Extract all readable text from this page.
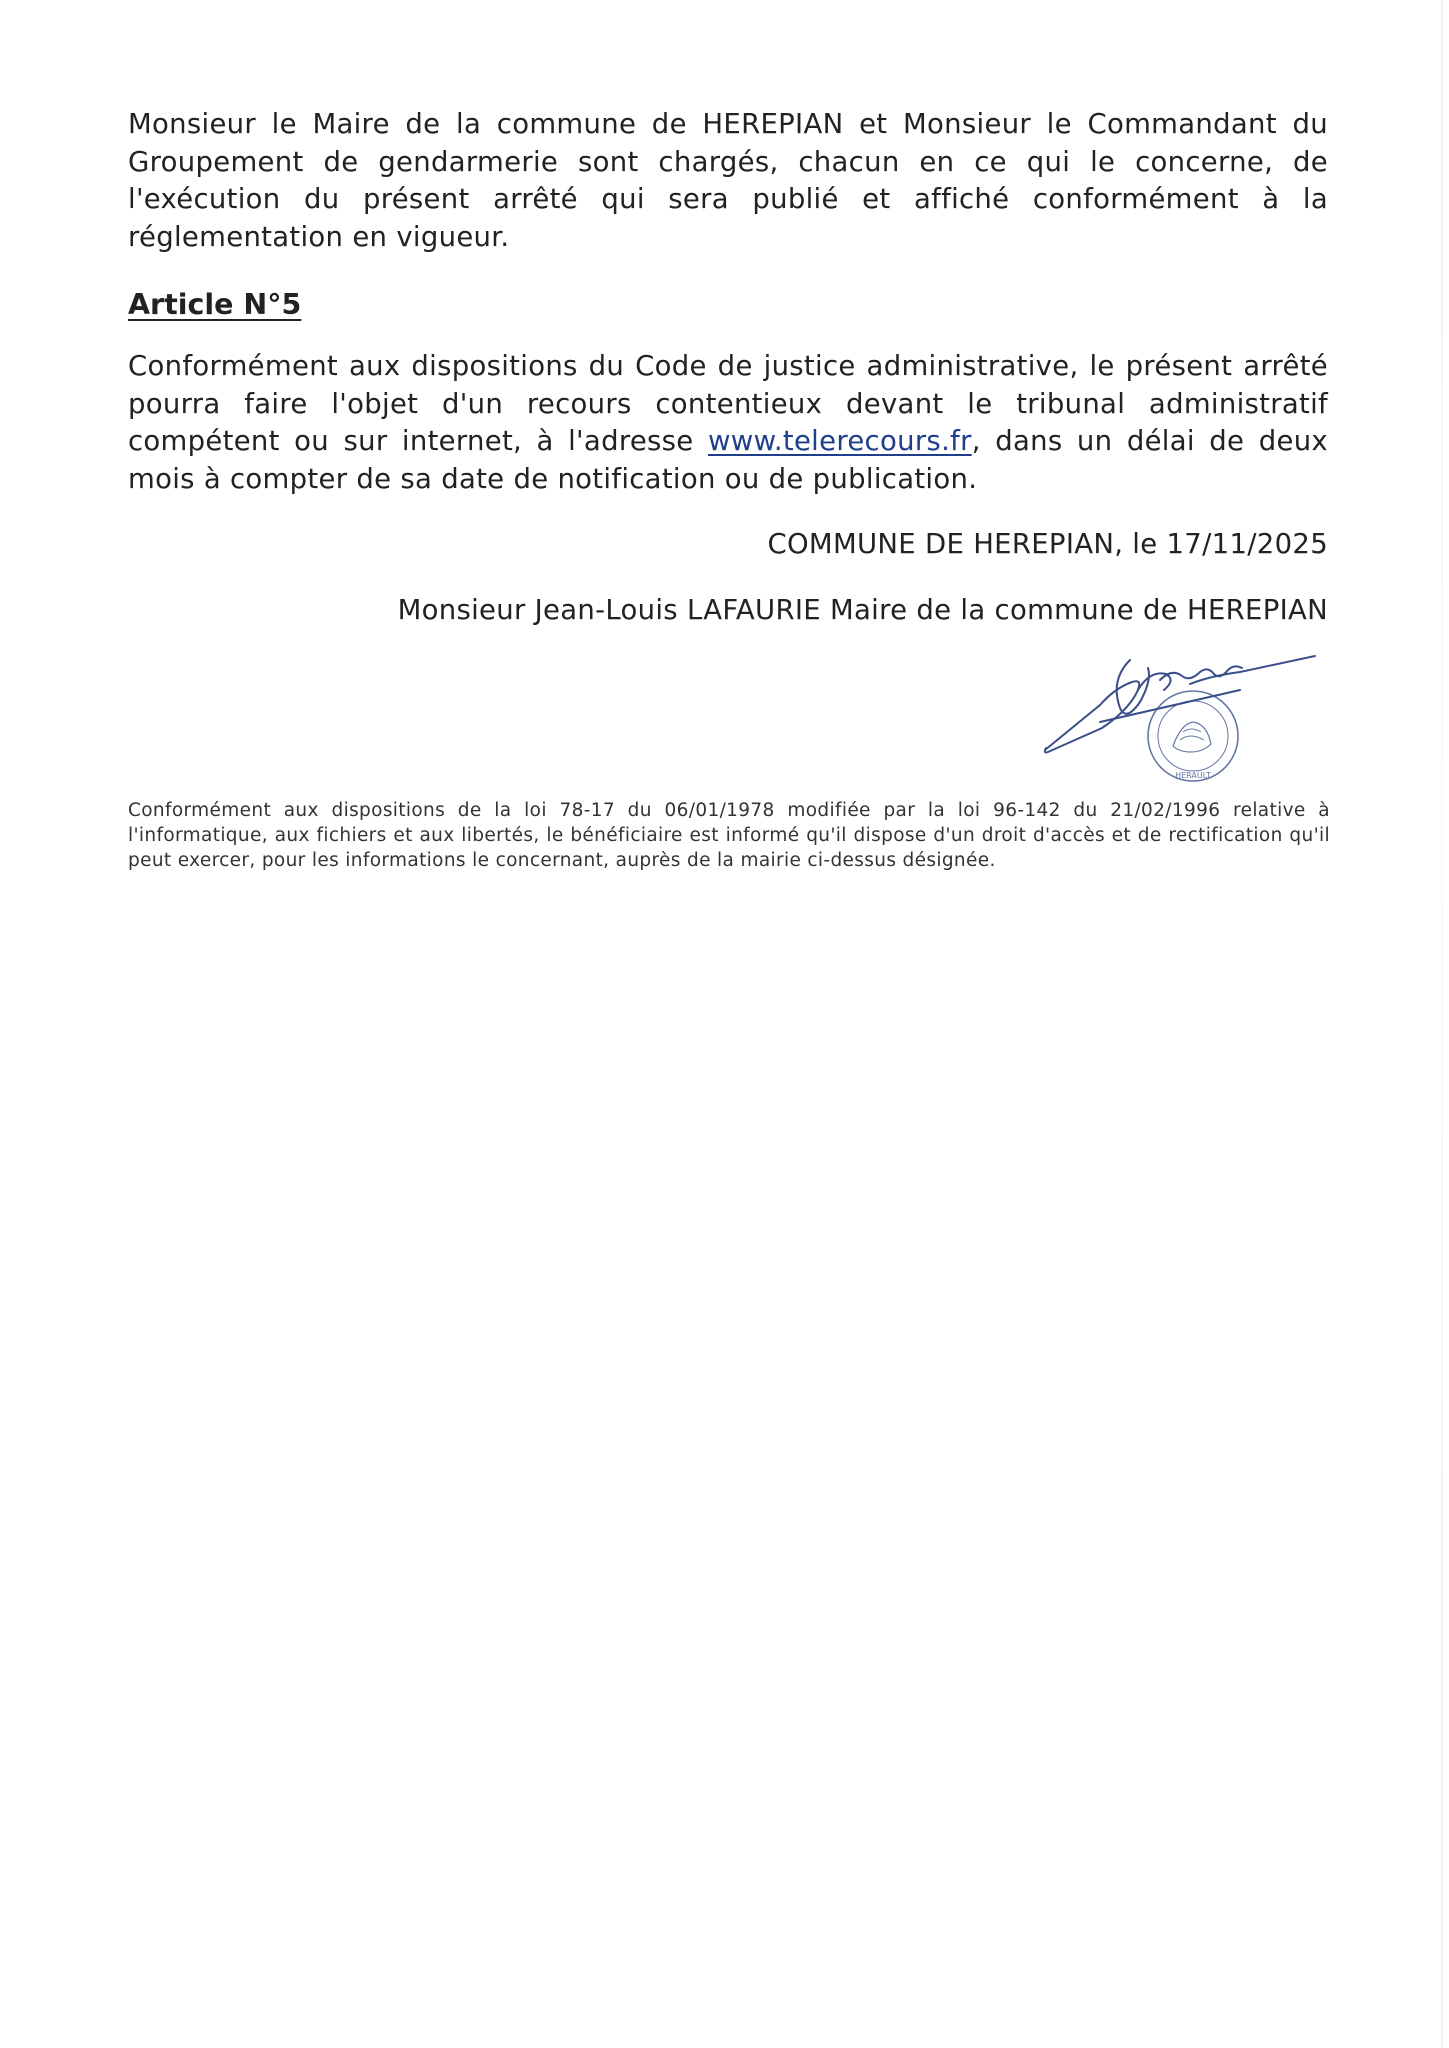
Monsieur le Maire de la commune de HEREPIAN et Monsieur le Commandant du Groupement de gendarmerie sont chargés, chacun en ce qui le concerne, de l'exécution du présent arrêté qui sera publié et affiché conformément à la réglementation en vigueur.

Article N°5

Conformément aux dispositions du Code de justice administrative, le présent arrêté pourra faire l'objet d'un recours contentieux devant le tribunal administratif compétent ou sur internet, à l'adresse www.telerecours.fr, dans un délai de deux mois à compter de sa date de notification ou de publication.

COMMUNE DE HEREPIAN, le 17/11/2025

Monsieur Jean-Louis LAFAURIE Maire de la commune de HEREPIAN

HERAULT

Conformément aux dispositions de la loi 78-17 du 06/01/1978 modifiée par la loi 96-142 du 21/02/1996 relative à l'informatique, aux fichiers et aux libertés, le bénéficiaire est informé qu'il dispose d'un droit d'accès et de rectification qu'il peut exercer, pour les informations le concernant, auprès de la mairie ci-dessus désignée.
